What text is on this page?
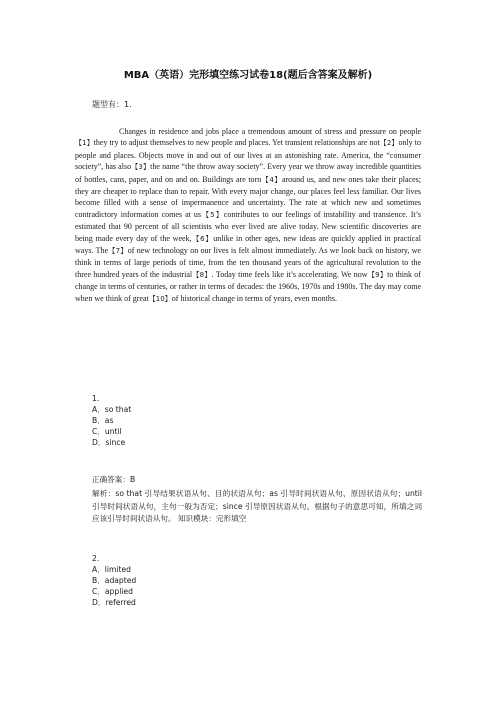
MBA（英语）完形填空练习试卷18(题后含答案及解析)
题型有：1.
Changes in residence and jobs place a tremendous amount of stress and pressure on people【1】they try to adjust themselves to new people and places. Yet transient relationships are not【2】only to people and places. Objects move in and out of our lives at an astonishing rate. America, the “consumer society”, has also【3】the name “the throw away society”. Every year we throw away incredible quantities of bottles, cans, paper, and on and on. Buildings are torn【4】around us, and new ones take their places; they are cheaper to replace than to repair. With every major change, our places feel less familiar. Our lives become filled with a sense of impermanence and uncertainty. The rate at which new and sometimes contradictory information comes at us【5】contributes to our feelings of instability and transience. It’s estimated that 90 percent of all scientists who ever lived are alive today. New scientific discoveries are being made every day of the week,【6】unlike in other ages, new ideas are quickly applied in practical ways. The【7】of new technology on our lives is felt almost immediately. As we look back on history, we think in terms of large periods of time, from the ten thousand years of the agricultural revolution to the three hundred years of the industrial【8】. Today time feels like it’s accelerating. We now【9】to think of change in terms of centuries, or rather in terms of decades: the 1960s, 1970s and 1980s. The day may come when we think of great【10】of historical change in terms of years, even months.
1.
A．so that
B．as
C．until
D．since
正确答案：B
解析：so that 引导结果状语从句、目的状语从句；as 引导时间状语从句、原因状语从句；until 引导时间状语从句，主句一般为否定；since 引导原因状语从句。根据句子的意思可知，所填之词应该引导时间状语从句。 知识模块：完形填空
2.
A．limited
B．adapted
C．applied
D．referred
